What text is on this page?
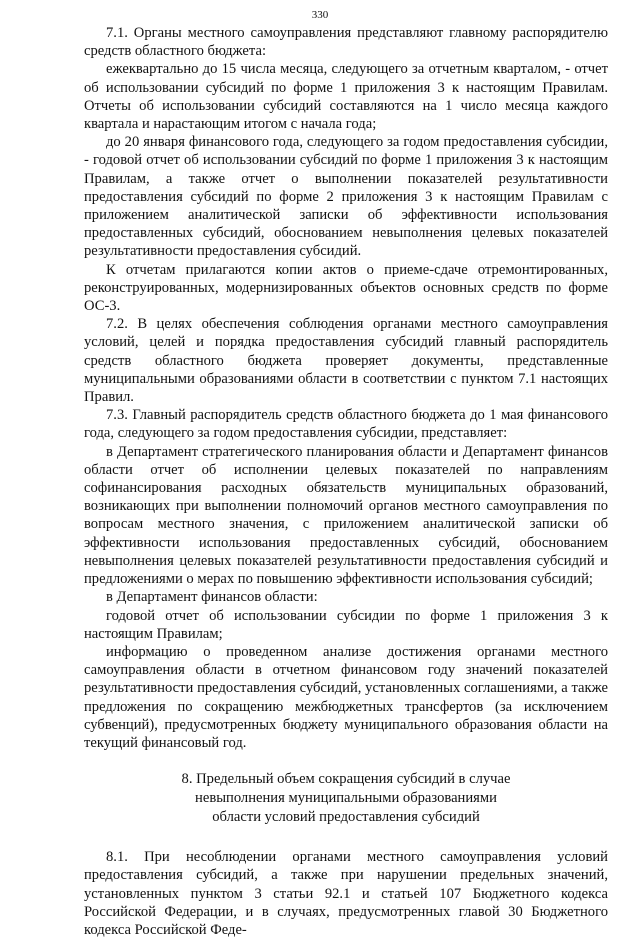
330

7.1. Органы местного самоуправления представляют главному распорядителю средств областного бюджета:

ежеквартально до 15 числа месяца, следующего за отчетным кварталом, - отчет об использовании субсидий по форме 1 приложения 3 к настоящим Правилам. Отчеты об использовании субсидий составляются на 1 число месяца каждого квартала и нарастающим итогом с начала года;

до 20 января финансового года, следующего за годом предоставления субсидии, - годовой отчет об использовании субсидий по форме 1 приложения 3 к настоящим Правилам, а также отчет о выполнении показателей результативности предоставления субсидий по форме 2 приложения 3 к настоящим Правилам с приложением аналитической записки об эффективности использования предоставленных субсидий, обоснованием невыполнения целевых показателей результативности предоставления субсидий.

К отчетам прилагаются копии актов о приеме-сдаче отремонтированных, реконструированных, модернизированных объектов основных средств по форме ОС-3.

7.2. В целях обеспечения соблюдения органами местного самоуправления условий, целей и порядка предоставления субсидий главный распорядитель средств областного бюджета проверяет документы, представленные муниципальными образованиями области в соответствии с пунктом 7.1 настоящих Правил.

7.3. Главный распорядитель средств областного бюджета до 1 мая финансового года, следующего за годом предоставления субсидии, представляет:

в Департамент стратегического планирования области и Департамент финансов области отчет об исполнении целевых показателей по направлениям софинансирования расходных обязательств муниципальных образований, возникающих при выполнении полномочий органов местного самоуправления по вопросам местного значения, с приложением аналитической записки об эффективности использования предоставленных субсидий, обоснованием невыполнения целевых показателей результативности предоставления субсидий и предложениями о мерах по повышению эффективности использования субсидий;

в Департамент финансов области:

годовой отчет об использовании субсидии по форме 1 приложения 3 к настоящим Правилам;

информацию о проведенном анализе достижения органами местного самоуправления области в отчетном финансовом году значений показателей результативности предоставления субсидий, установленных соглашениями, а также предложения по сокращению межбюджетных трансфертов (за исключением субвенций), предусмотренных бюджету муниципального образования области на текущий финансовый год.

8. Предельный объем сокращения субсидий в случае
невыполнения муниципальными образованиями
области условий предоставления субсидий

8.1. При несоблюдении органами местного самоуправления условий предоставления субсидий, а также при нарушении предельных значений, установленных пунктом 3 статьи 92.1 и статьей 107 Бюджетного кодекса Российской Федерации, и в случаях, предусмотренных главой 30 Бюджетного кодекса Российской Феде-
